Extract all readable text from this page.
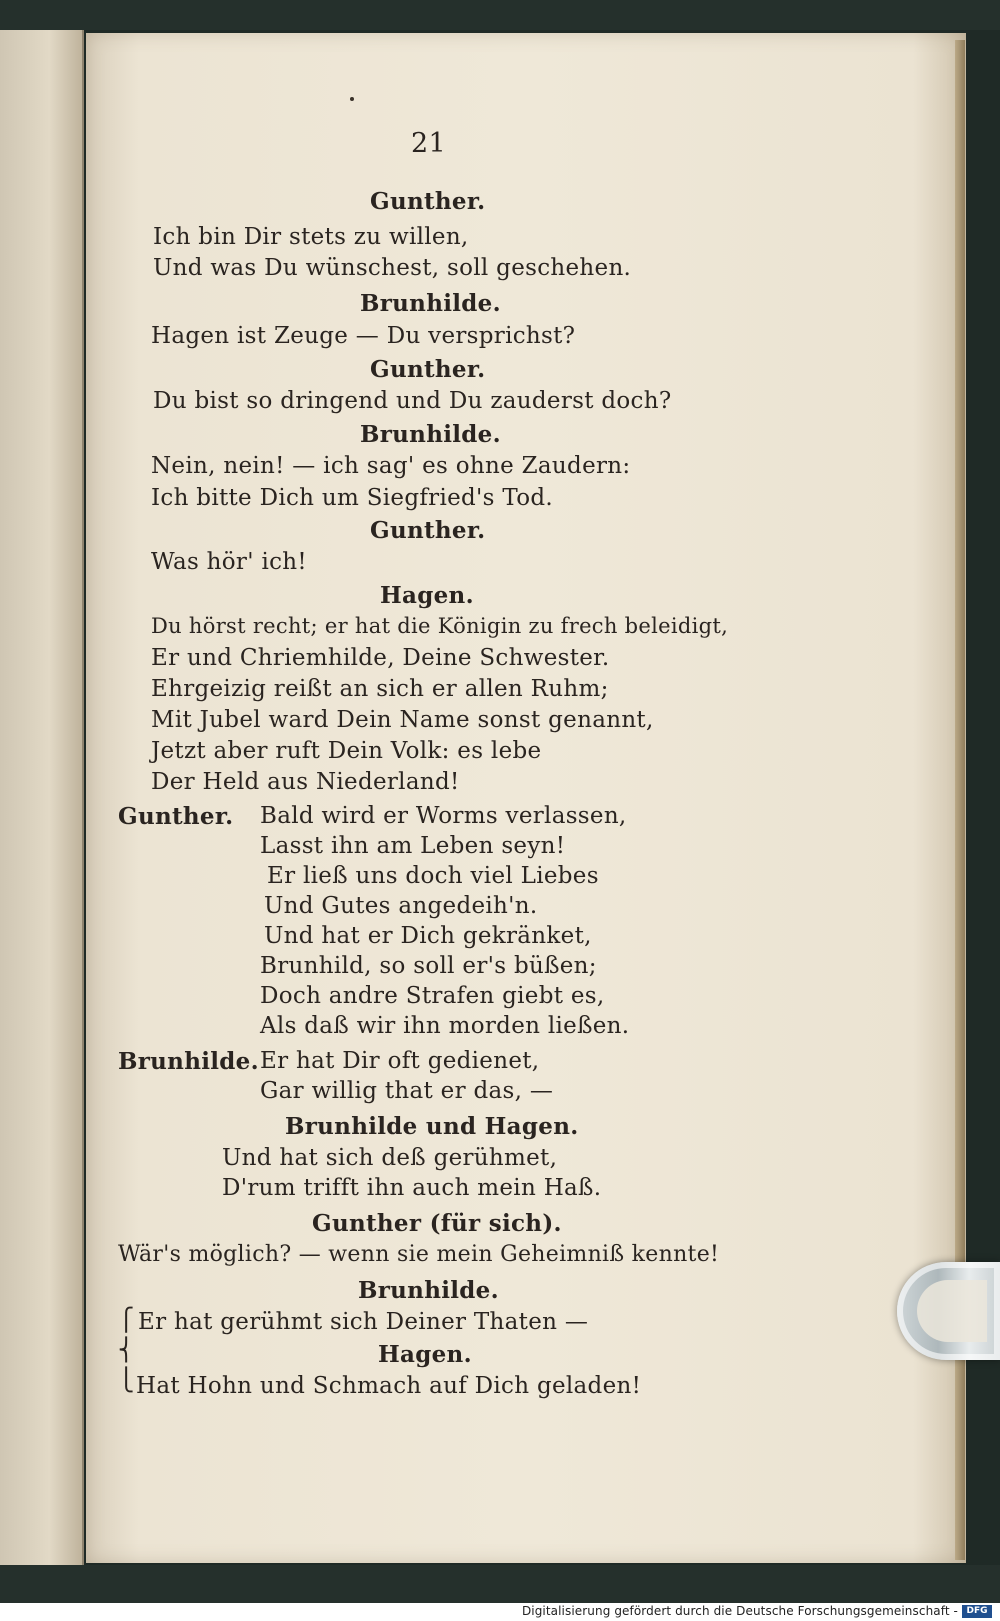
21
Gunther.
Ich bin Dir stets zu willen,
Und was Du wünschest, soll geschehen.
Brunhilde.
Hagen ist Zeuge — Du versprichst?
Gunther.
Du bist so dringend und Du zauderst doch?
Brunhilde.
Nein, nein! — ich sag' es ohne Zaudern:
Ich bitte Dich um Siegfried's Tod.
Gunther.
Was hör' ich!
Hagen.
Du hörst recht; er hat die Königin zu frech beleidigt,
Er und Chriemhilde, Deine Schwester.
Ehrgeizig reißt an sich er allen Ruhm;
Mit Jubel ward Dein Name sonst genannt,
Jetzt aber ruft Dein Volk: es lebe
Der Held aus Niederland!
Gunther. Bald wird er Worms verlassen,
Lasst ihn am Leben seyn!
Er ließ uns doch viel Liebes
Und Gutes angedeih'n.
Und hat er Dich gekränket,
Brunhild, so soll er's büßen;
Doch andre Strafen giebt es,
Als daß wir ihn morden ließen.
Brunhilde. Er hat Dir oft gedienet,
Gar willig that er das, —
Brunhilde und Hagen.
Und hat sich deß gerühmet,
D'rum trifft ihn auch mein Haß.
Gunther (für sich).
Wär's möglich? — wenn sie mein Geheimniß kennte!
Brunhilde.
Er hat gerühmt sich Deiner Thaten —
Hagen.
Hat Hohn und Schmach auf Dich geladen!
⎧
⎨
⎩
Digitalisierung gefördert durch die Deutsche Forschungsgemeinschaft - DFG
